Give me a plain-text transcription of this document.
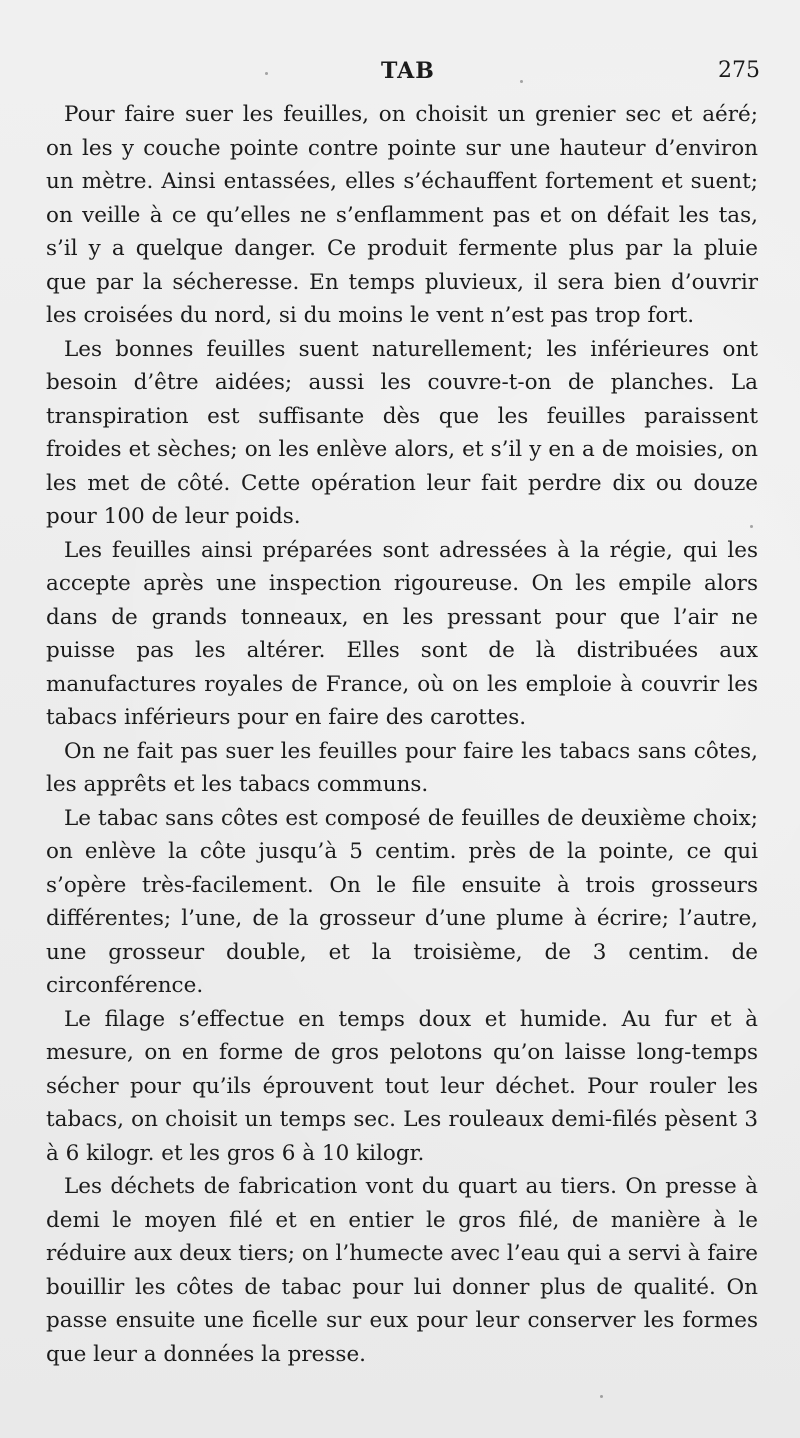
TAB	275

Pour faire suer les feuilles, on choisit un grenier sec et aéré; on les y couche pointe contre pointe sur une hauteur d’environ un mètre. Ainsi entassées, elles s’échauffent fortement et suent; on veille à ce qu’elles ne s’enflamment pas et on défait les tas, s’il y a quelque danger. Ce produit fermente plus par la pluie que par la sécheresse. En temps pluvieux, il sera bien d’ouvrir les croisées du nord, si du moins le vent n’est pas trop fort.

Les bonnes feuilles suent naturellement; les inférieures ont besoin d’être aidées; aussi les couvre-t-on de planches. La transpiration est suffisante dès que les feuilles paraissent froides et sèches; on les enlève alors, et s’il y en a de moisies, on les met de côté. Cette opération leur fait perdre dix ou douze pour 100 de leur poids.

Les feuilles ainsi préparées sont adressées à la régie, qui les accepte après une inspection rigoureuse. On les empile alors dans de grands tonneaux, en les pressant pour que l’air ne puisse pas les altérer. Elles sont de là distribuées aux manufactures royales de France, où on les emploie à couvrir les tabacs inférieurs pour en faire des carottes.

On ne fait pas suer les feuilles pour faire les tabacs sans côtes, les apprêts et les tabacs communs.

Le tabac sans côtes est composé de feuilles de deuxième choix; on enlève la côte jusqu’à 5 centim. près de la pointe, ce qui s’opère très-facilement. On le file ensuite à trois grosseurs différentes; l’une, de la grosseur d’une plume à écrire; l’autre, une grosseur double, et la troisième, de 3 centim. de circonférence.

Le filage s’effectue en temps doux et humide. Au fur et à mesure, on en forme de gros pelotons qu’on laisse long-temps sécher pour qu’ils éprouvent tout leur déchet. Pour rouler les tabacs, on choisit un temps sec. Les rouleaux demi-filés pèsent 3 à 6 kilogr. et les gros 6 à 10 kilogr.

Les déchets de fabrication vont du quart au tiers. On presse à demi le moyen filé et en entier le gros filé, de manière à le réduire aux deux tiers; on l’humecte avec l’eau qui a servi à faire bouillir les côtes de tabac pour lui donner plus de qualité. On passe ensuite une ficelle sur eux pour leur conserver les formes que leur a données la presse.
